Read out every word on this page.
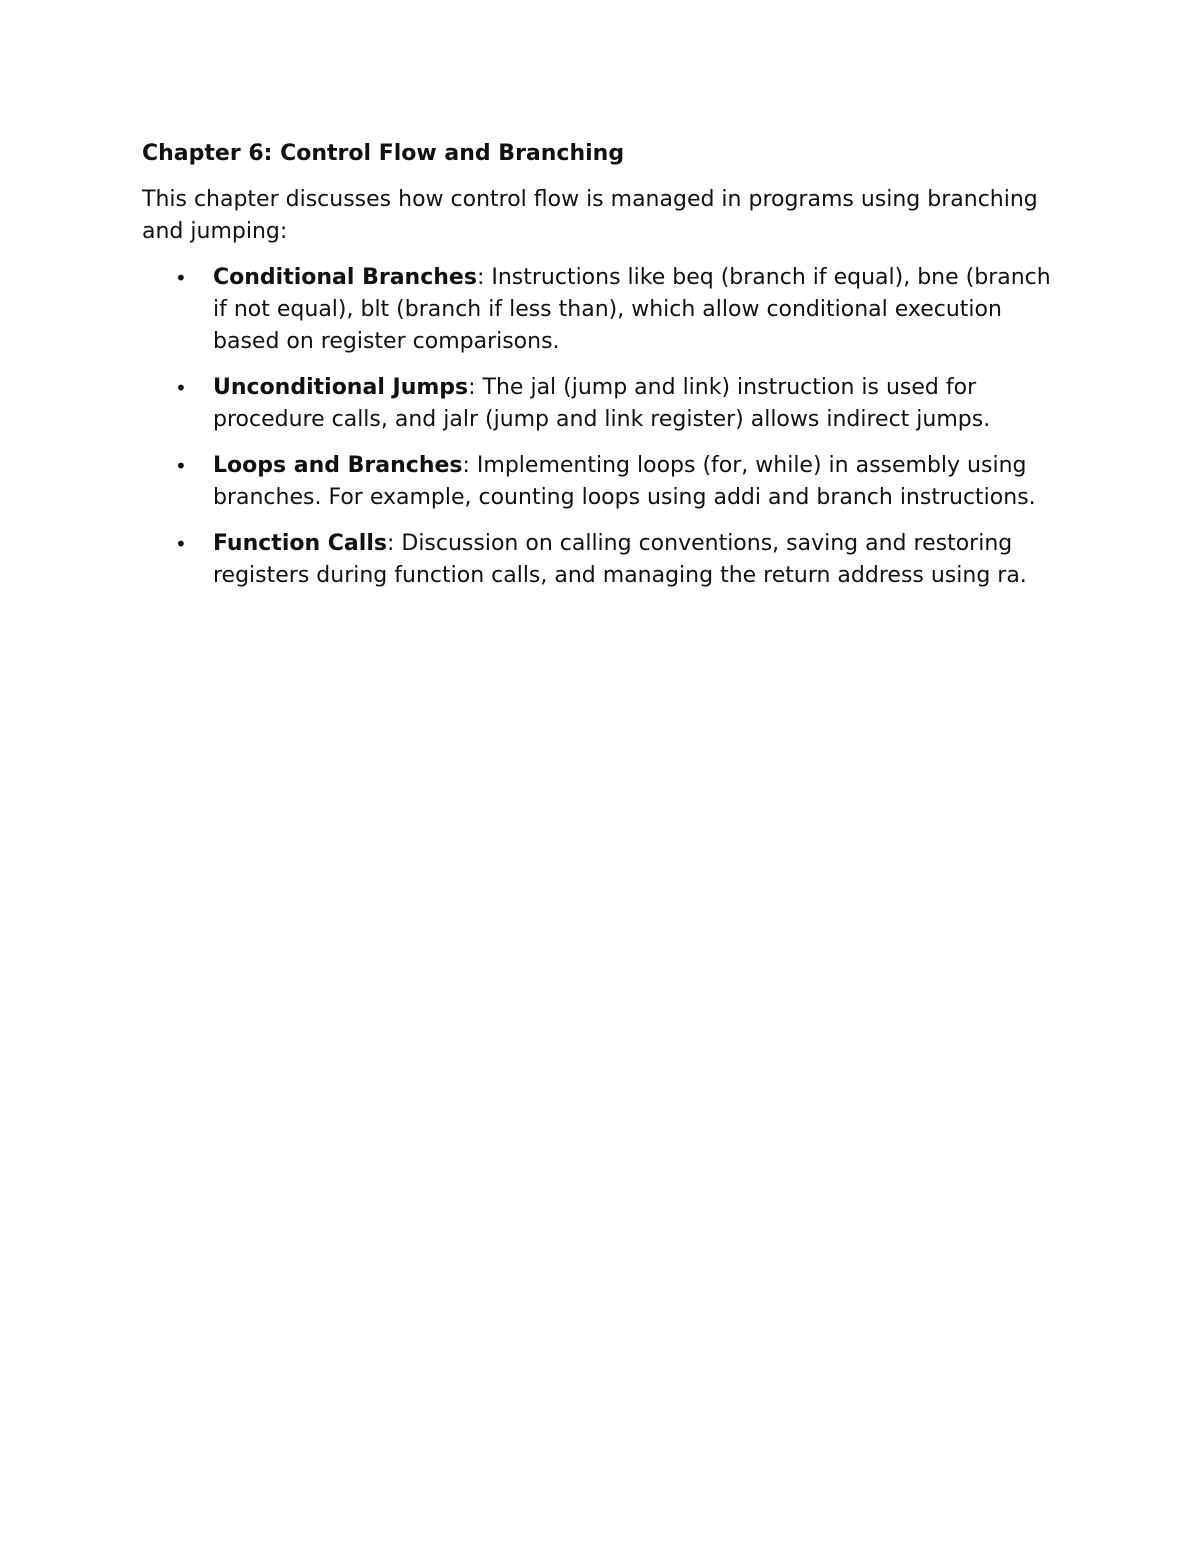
Chapter 6: Control Flow and Branching

This chapter discusses how control flow is managed in programs using branching and jumping:

• Conditional Branches: Instructions like beq (branch if equal), bne (branch if not equal), blt (branch if less than), which allow conditional execution based on register comparisons.
• Unconditional Jumps: The jal (jump and link) instruction is used for procedure calls, and jalr (jump and link register) allows indirect jumps.
• Loops and Branches: Implementing loops (for, while) in assembly using branches. For example, counting loops using addi and branch instructions.
• Function Calls: Discussion on calling conventions, saving and restoring registers during function calls, and managing the return address using ra.
